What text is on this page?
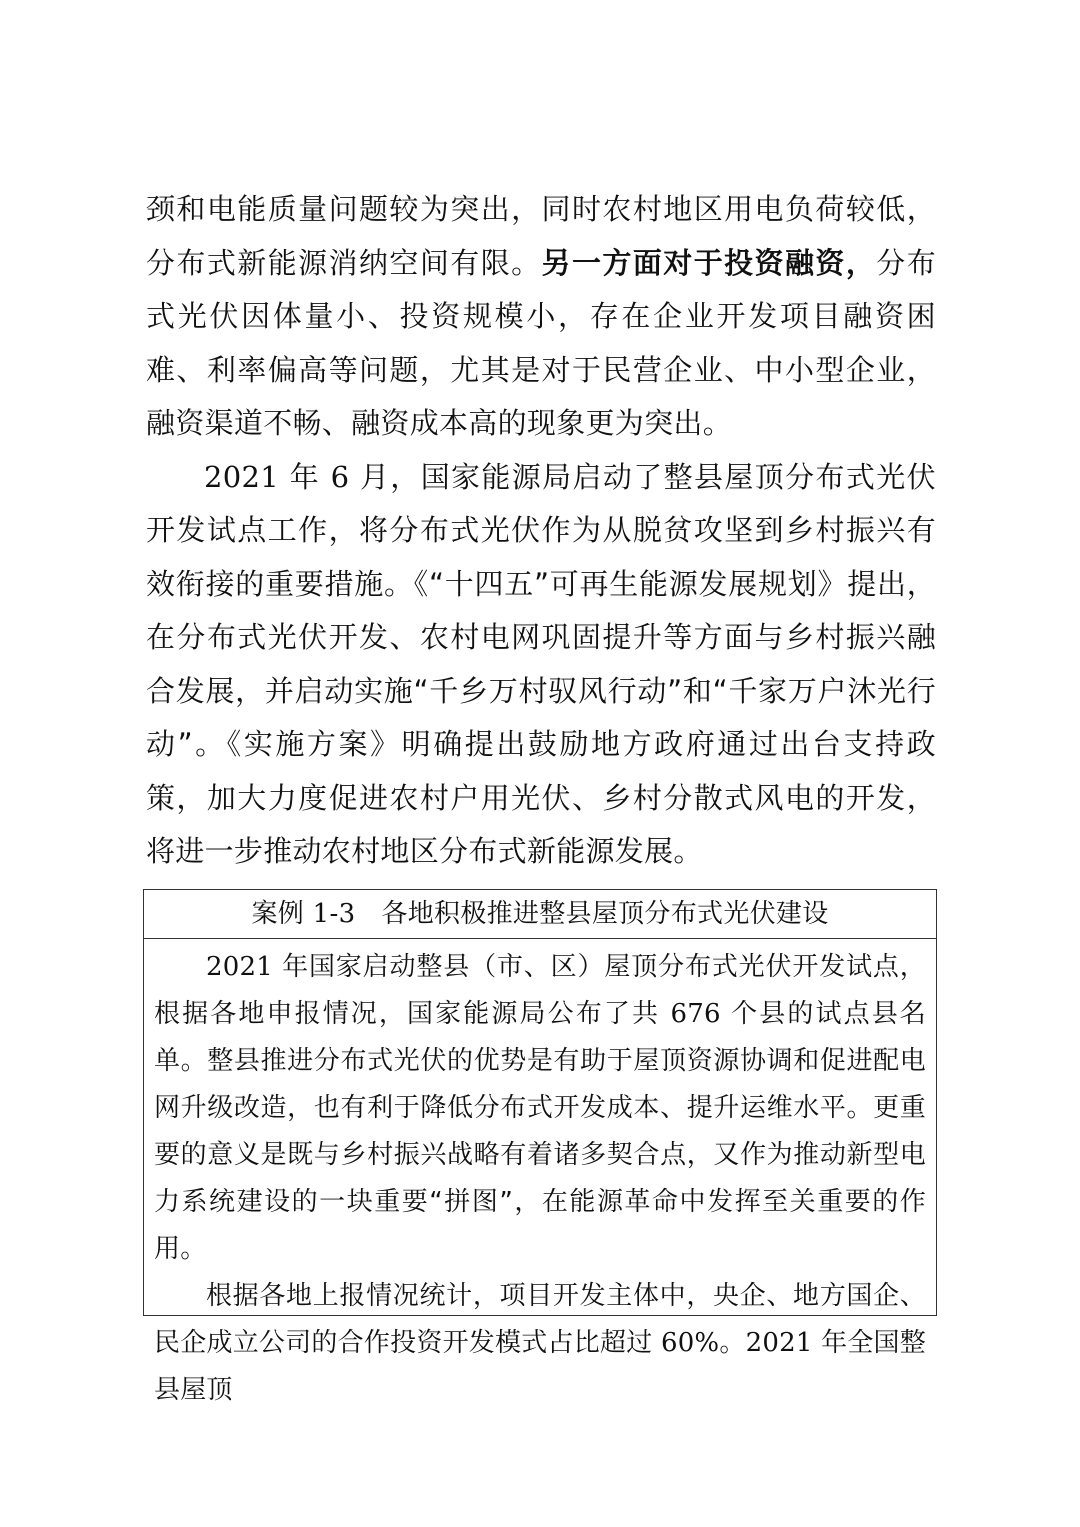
颈和电能质量问题较为突出，同时农村地区用电负荷较低，分布式新能源消纳空间有限。另一方面对于投资融资，分布式光伏因体量小、投资规模小，存在企业开发项目融资困难、利率偏高等问题，尤其是对于民营企业、中小型企业，融资渠道不畅、融资成本高的现象更为突出。

2021 年 6 月，国家能源局启动了整县屋顶分布式光伏开发试点工作，将分布式光伏作为从脱贫攻坚到乡村振兴有效衔接的重要措施。《“十四五”可再生能源发展规划》提出，在分布式光伏开发、农村电网巩固提升等方面与乡村振兴融合发展，并启动实施“千乡万村驭风行动”和“千家万户沐光行动”。《实施方案》明确提出鼓励地方政府通过出台支持政策，加大力度促进农村户用光伏、乡村分散式风电的开发，将进一步推动农村地区分布式新能源发展。

案例 1-3 各地积极推进整县屋顶分布式光伏建设

2021 年国家启动整县（市、区）屋顶分布式光伏开发试点，根据各地申报情况，国家能源局公布了共 676 个县的试点县名单。整县推进分布式光伏的优势是有助于屋顶资源协调和促进配电网升级改造，也有利于降低分布式开发成本、提升运维水平。更重要的意义是既与乡村振兴战略有着诸多契合点，又作为推动新型电力系统建设的一块重要“拼图”，在能源革命中发挥至关重要的作用。

根据各地上报情况统计，项目开发主体中，央企、地方国企、民企成立公司的合作投资开发模式占比超过 60%。2021 年全国整县屋顶
